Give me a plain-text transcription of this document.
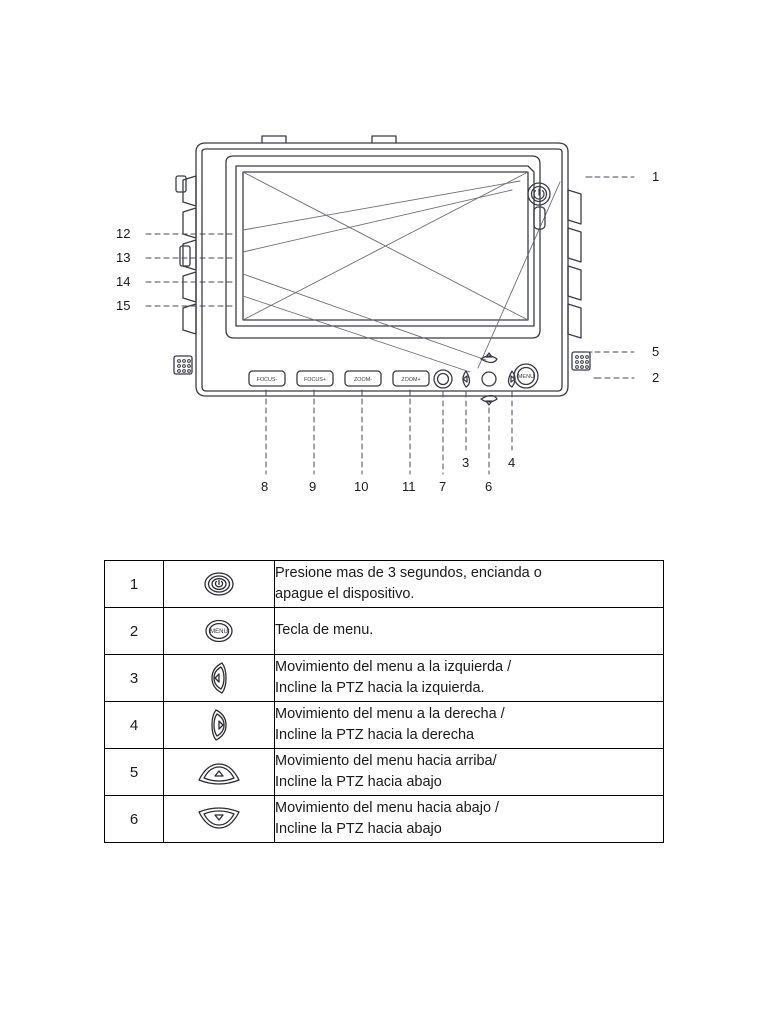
FOCUS-	FOCUS+	ZOOM-	ZOOM+	MENU
1
5
2
12
13
14
15
8	9	10	11 7
3	4
6
1		Presione mas de 3 segundos, encianda o
apague el dispositivo.

2	MENU	Tecla de menu.

3		Movimiento del menu a la izquierda /
Incline la PTZ hacia la izquierda.

4		Movimiento del menu a la derecha /
Incline la PTZ hacia la derecha

5		Movimiento del menu hacia arriba/
Incline la PTZ hacia abajo

6		Movimiento del menu hacia abajo /
Incline la PTZ hacia abajo
